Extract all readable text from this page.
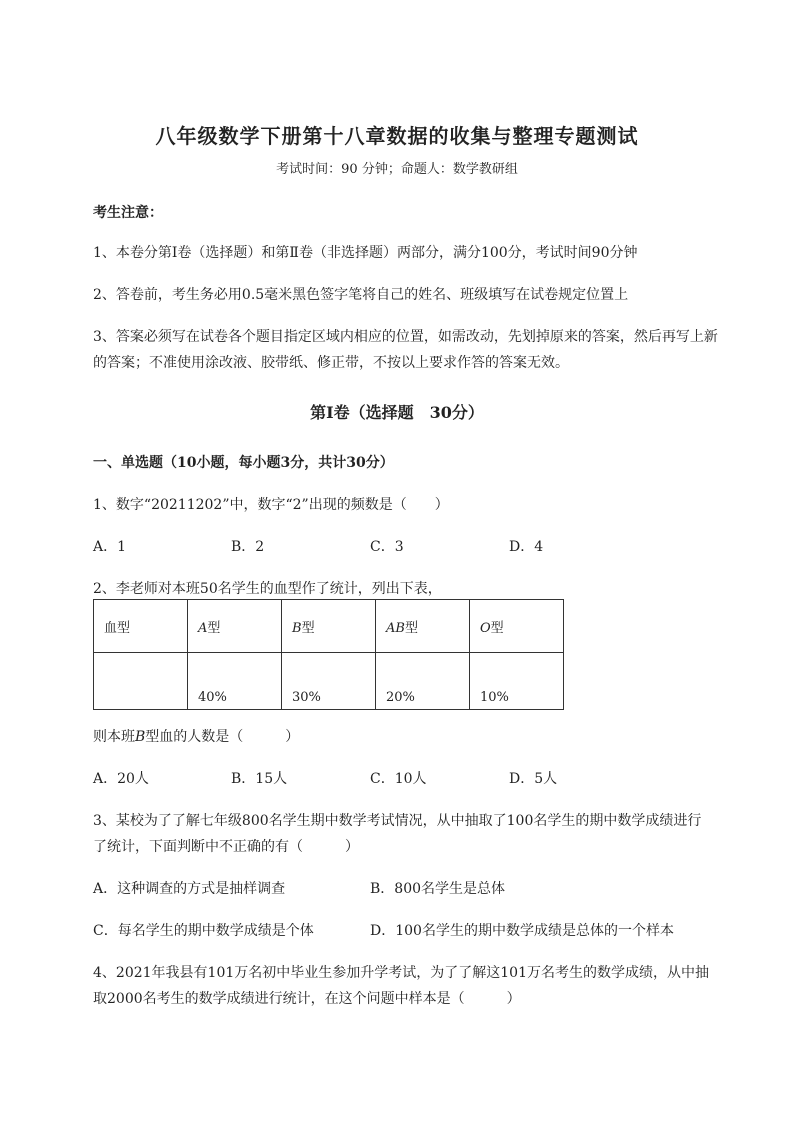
八年级数学下册第十八章数据的收集与整理专题测试
考试时间：90 分钟；命题人：数学教研组
考生注意：
1、本卷分第I卷（选择题）和第Ⅱ卷（非选择题）两部分，满分100分，考试时间90分钟
2、答卷前，考生务必用0.5毫米黑色签字笔将自己的姓名、班级填写在试卷规定位置上
3、答案必须写在试卷各个题目指定区域内相应的位置，如需改动，先划掉原来的答案，然后再写上新
的答案；不准使用涂改液、胶带纸、修正带，不按以上要求作答的答案无效。
第I卷（选择题　30分）
一、单选题（10小题，每小题3分，共计30分）
1、数字“20211202”中，数字“2”出现的频数是（　　）
A．1	B．2	C．3	D．4
2、李老师对本班50名学生的血型作了统计，列出下表，
血型	A型	B型	AB型	O型
	40%	30%	20%	10%
则本班B型血的人数是（　　　）
A．20人	B．15人	C．10人	D．5人
3、某校为了了解七年级800名学生期中数学考试情况，从中抽取了100名学生的期中数学成绩进行
了统计，下面判断中不正确的有（　　　）
A．这种调查的方式是抽样调查	B．800名学生是总体
C．每名学生的期中数学成绩是个体	D．100名学生的期中数学成绩是总体的一个样本
4、2021年我县有101万名初中毕业生参加升学考试，为了了解这101万名考生的数学成绩，从中抽
取2000名考生的数学成绩进行统计，在这个问题中样本是（　　　）
